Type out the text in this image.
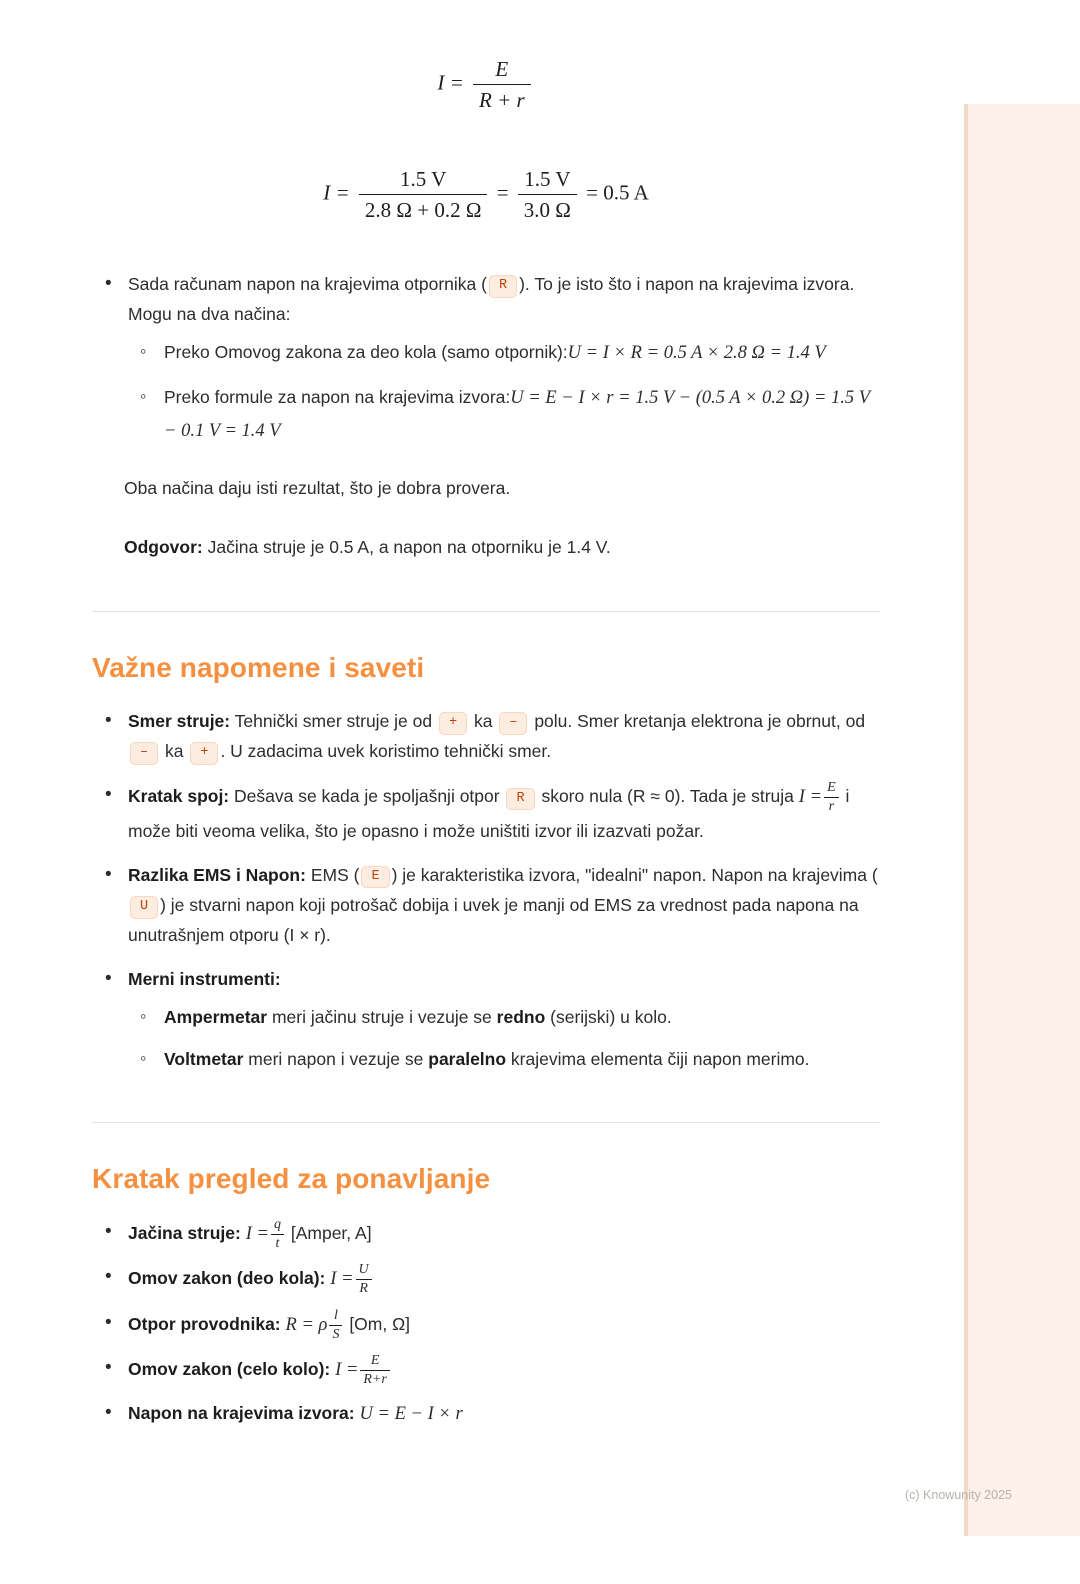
$I = \frac{E}{R + r}$
$I = \frac{1.5 V}{2.8 \Omega + 0.2 \Omega} = \frac{1.5 V}{3.0 \Omega} = 0.5$ A
• Sada računam napon na krajevima otpornika ( R ). To je isto što i napon na krajevima izvora. Mogu na dva načina:
◦ Preko Omovog zakona za deo kola (samo otpornik):U = I × R = 0.5 A × 2.8 Ω = 1.4 V
◦ Preko formule za napon na krajevima izvora:U = E − I × r = 1.5 V − (0.5 A × 0.2 Ω) = 1.5 V − 0.1 V = 1.4 V
Oba načina daju isti rezultat, što je dobra provera.
Odgovor: Jačina struje je 0.5 A, a napon na otporniku je 1.4 V.
Važne napomene i saveti
• Smer struje: Tehnički smer struje je od + ka – polu. Smer kretanja elektrona je obrnut, od – ka + . U zadacima uvek koristimo tehnički smer.
• Kratak spoj: Dešava se kada je spoljašnji otpor R skoro nula (R ≈ 0). Tada je struja $I = \frac{E}{r}$ i može biti veoma velika, što je opasno i može uništiti izvor ili izazvati požar.
• Razlika EMS i Napon: EMS ( E ) je karakteristika izvora, "idealni" napon. Napon na krajevima (U ) je stvarni napon koji potrošač dobija i uvek je manji od EMS za vrednost pada napona na unutrašnjem otporu (I × r).
• Merni instrumenti:
◦ Ampermetar meri jačinu struje i vezuje se redno (serijski) u kolo.
◦ Voltmetar meri napon i vezuje se paralelno krajevima elementa čiji napon merimo.
Kratak pregled za ponavljanje
• Jačina struje: $I = \frac{q}{t}$ [Amper, A]
• Omov zakon (deo kola): $I = \frac{U}{R}$
• Otpor provodnika: R = ρ $\frac{l}{S} [Om$, Ω]
• Omov zakon (celo kolo): $I = \frac{E}{R+r}$
• Napon na krajevima izvora: U = E − I × r
(c) Knowunity 2025
